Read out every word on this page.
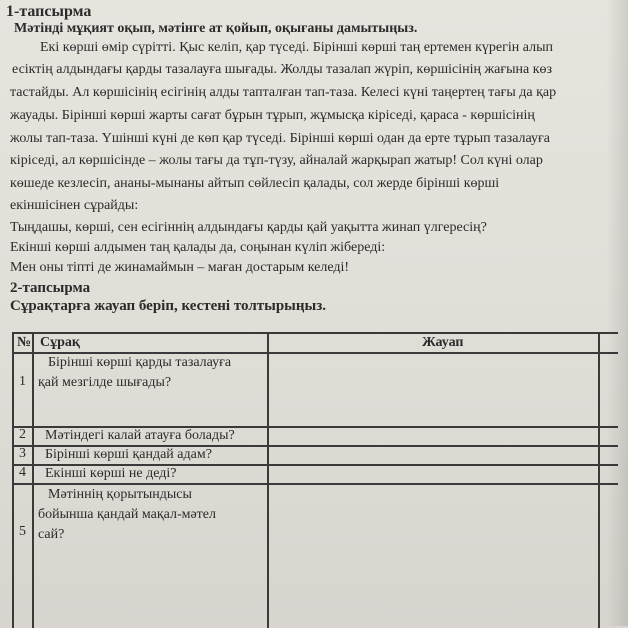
1-тапсырма
Мәтінді мұқият оқып, мәтінге ат қойып, оқығаны дамытыңыз.
Екі көрші өмір сүрітті. Қыс келіп, қар түседі. Бірінші көрші таң ертемен күрегін алып
есіктің алдындағы қарды тазалауға шығады. Жолды тазалап жүріп, көршісінің жағына көз
тастайды. Ал көршісінің есігінің алды тапталған тап-таза. Келесі күні таңертең тағы да қар
жауады. Бірінші көрші жарты сағат бұрын тұрып, жұмысқа кіріседі, қараса - көршісінің
жолы тап-таза. Үшінші күні де көп қар түседі. Бірінші көрші одан да ерте тұрып тазалауға
кіріседі, ал көршісінде – жолы тағы да тұп-түзу, айналай жарқырап жатыр! Сол күні олар
көшеде кезлесіп, ананы-мынаны айтып сөйлесіп қалады, сол жерде бірінші көрші
екіншісінен сұрайды:
Тыңдашы, көрші, сен есігіннің алдындағы қарды қай уақытта жинап үлгересің?
Екінші көрші алдымен таң қалады да, соңынан күліп жібереді:
Мен оны тіпті де жинамаймын – маған достарым келеді!
2-тапсырма
Сұрақтарға жауап беріп, кестені толтырыңыз.
№ Сұрақ	Жауап
1
Бірінші көрші қарды тазалауға
қай мезгілде шығады?
2 Мәтіндегі калай атауға болады?
3 Бірінші көрші қандай адам?
4 Екінші көрші не деді?
5
Мәтіннің қорытындысы
бойынша қандай мақал-мәтел
сай?
